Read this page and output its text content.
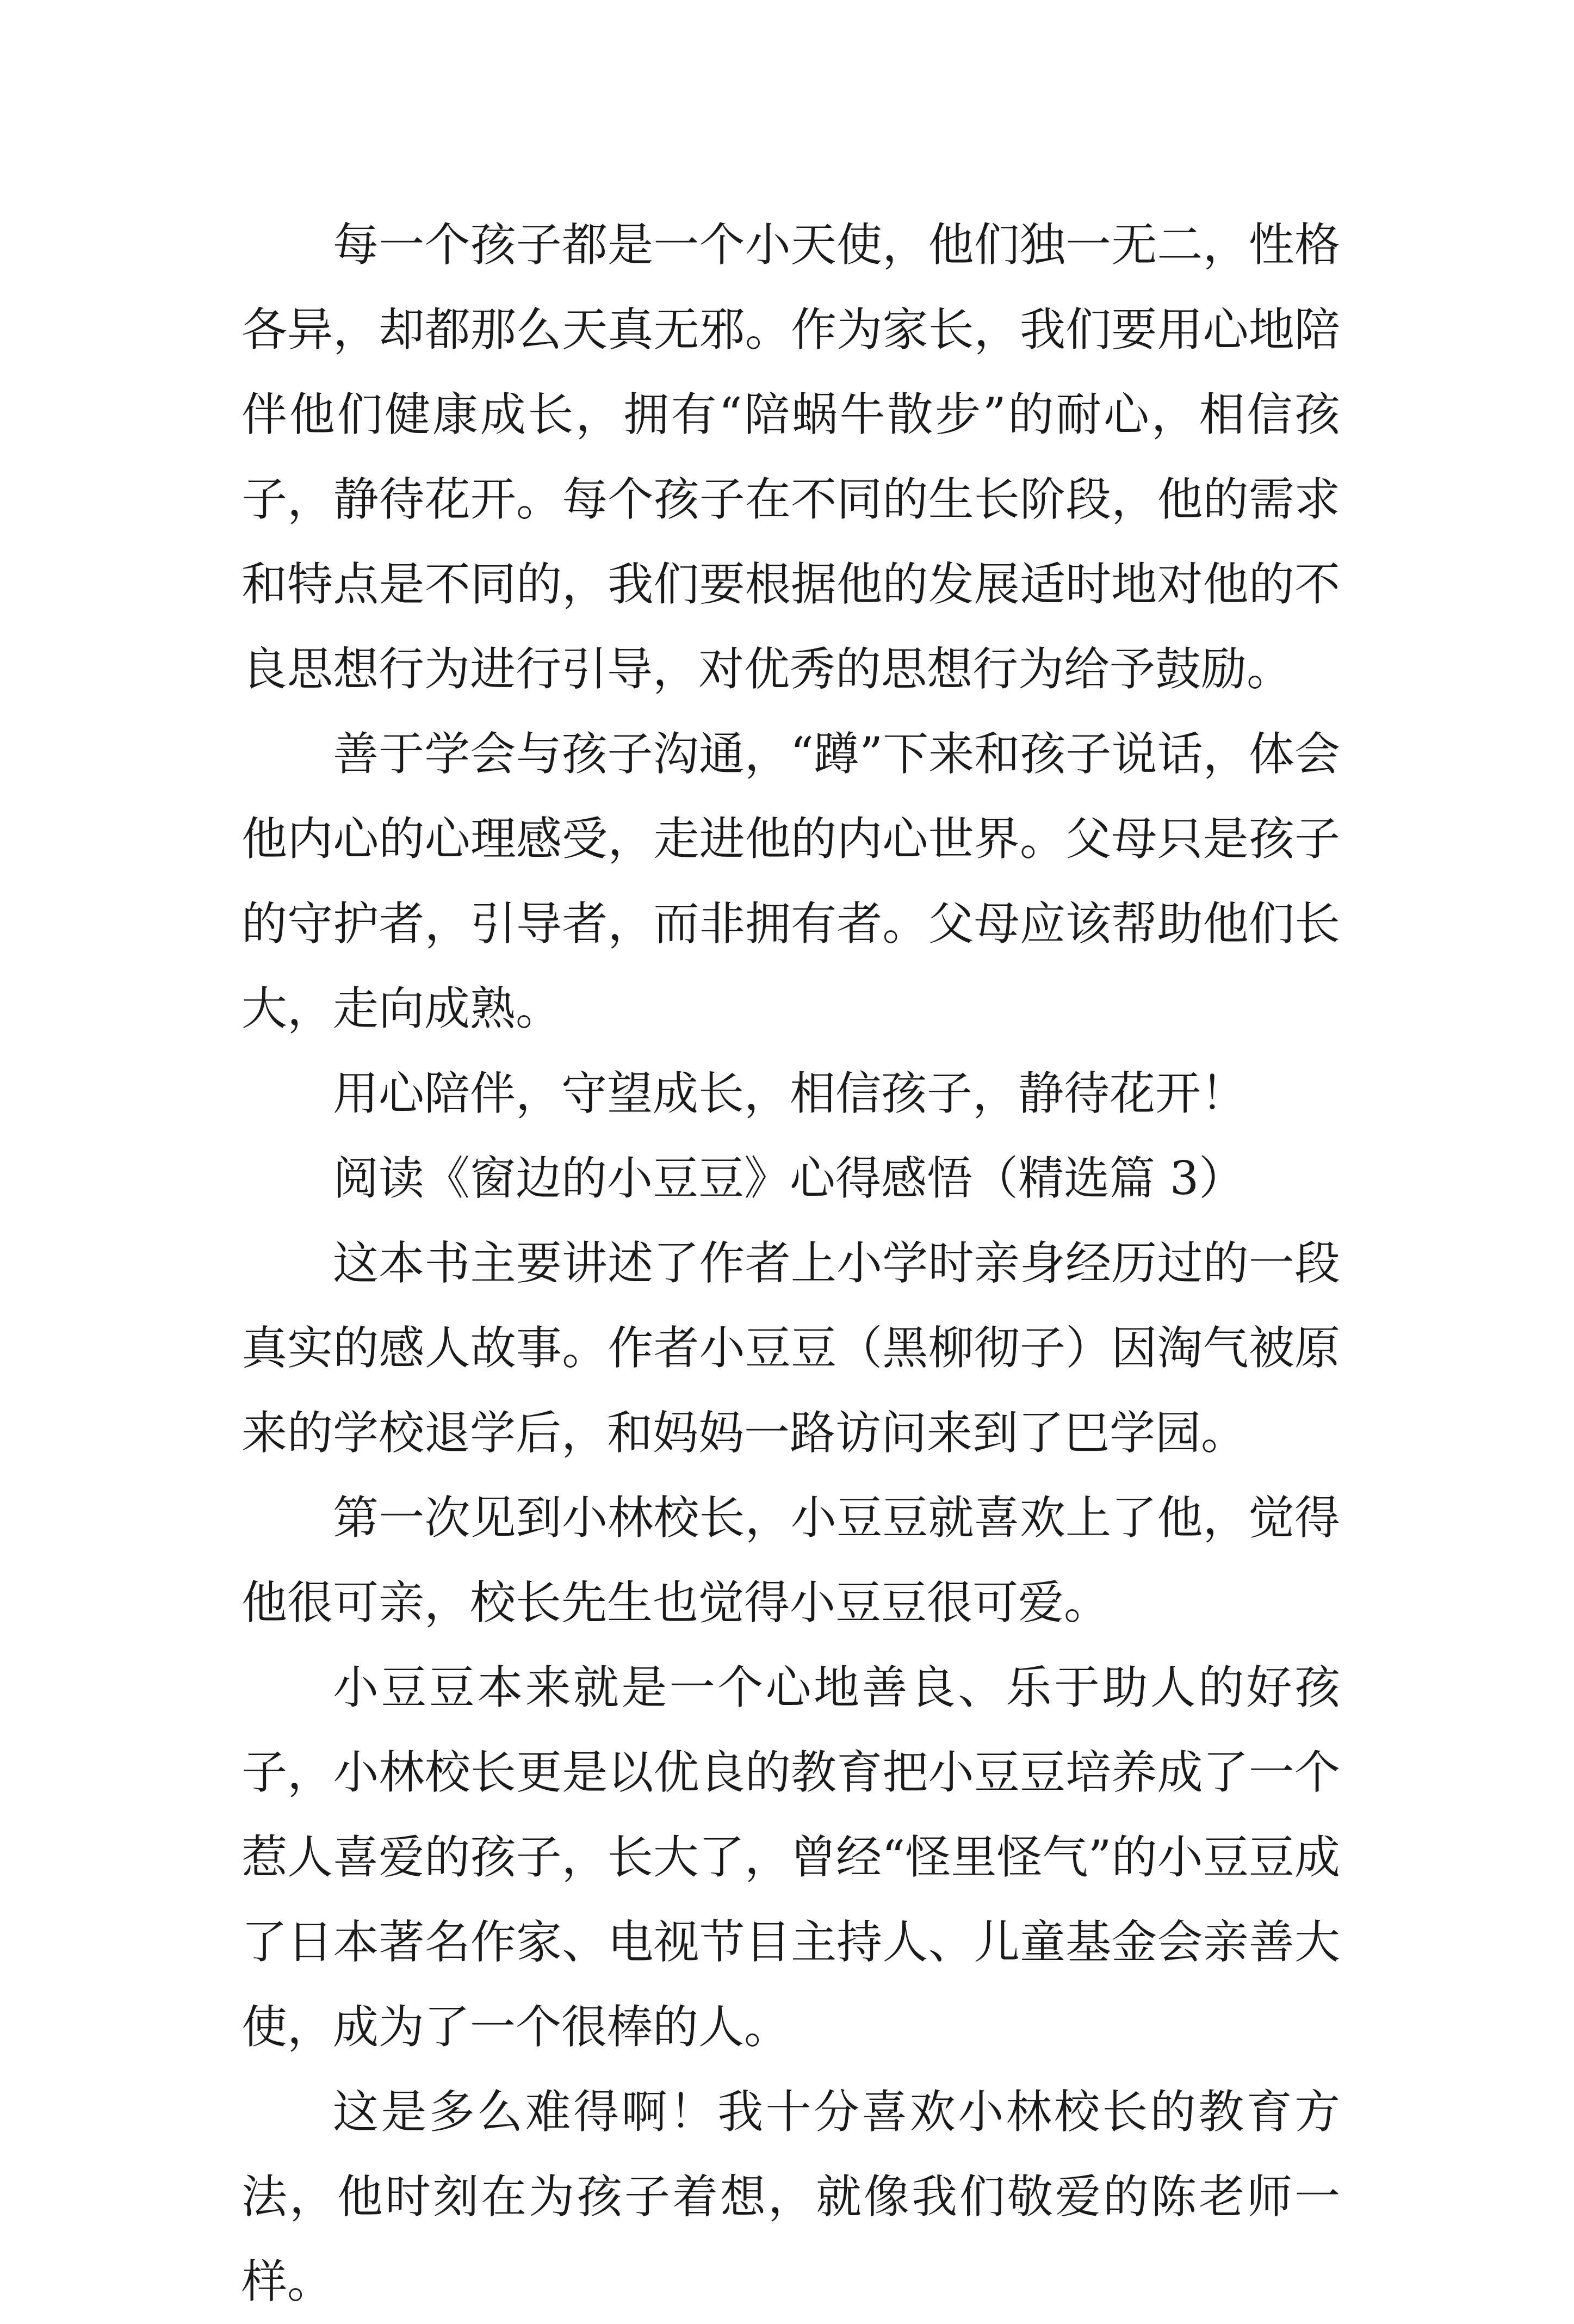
每一个孩子都是一个小天使，他们独一无二，性格各异，却都那么天真无邪。作为家长，我们要用心地陪伴他们健康成长，拥有“陪蜗牛散步”的耐心，相信孩子，静待花开。每个孩子在不同的生长阶段，他的需求和特点是不同的，我们要根据他的发展适时地对他的不良思想行为进行引导，对优秀的思想行为给予鼓励。

善于学会与孩子沟通，“蹲”下来和孩子说话，体会他内心的心理感受，走进他的内心世界。父母只是孩子的守护者，引导者，而非拥有者。父母应该帮助他们长大，走向成熟。

用心陪伴，守望成长，相信孩子，静待花开！

阅读《窗边的小豆豆》心得感悟（精选篇 3）

这本书主要讲述了作者上小学时亲身经历过的一段真实的感人故事。作者小豆豆（黑柳彻子）因淘气被原来的学校退学后，和妈妈一路访问来到了巴学园。

第一次见到小林校长，小豆豆就喜欢上了他，觉得他很可亲，校长先生也觉得小豆豆很可爱。

小豆豆本来就是一个心地善良、乐于助人的好孩子，小林校长更是以优良的教育把小豆豆培养成了一个惹人喜爱的孩子，长大了，曾经“怪里怪气”的小豆豆成了日本著名作家、电视节目主持人、儿童基金会亲善大使，成为了一个很棒的人。

这是多么难得啊！我十分喜欢小林校长的教育方法，他时刻在为孩子着想，就像我们敬爱的陈老师一样。
